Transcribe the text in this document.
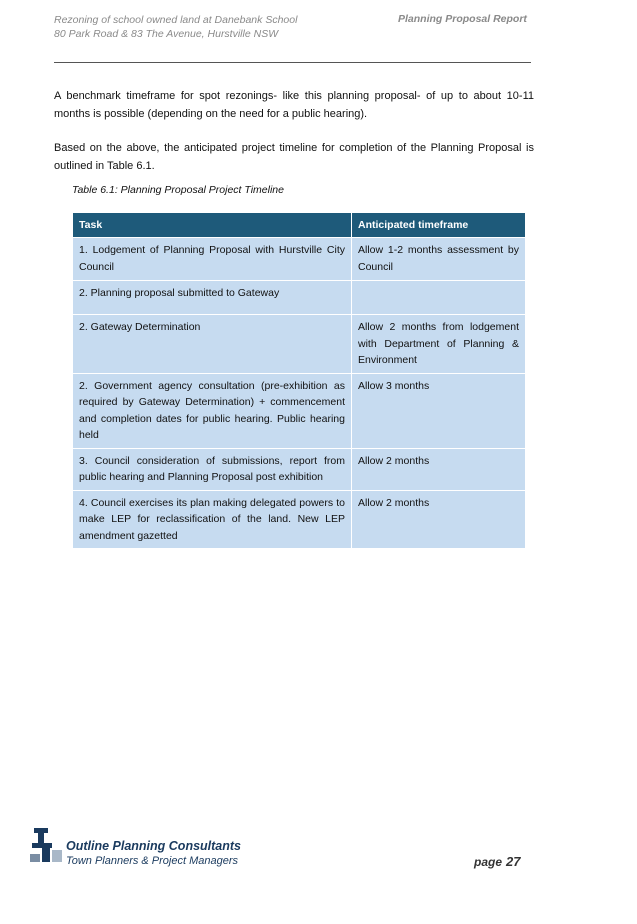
Rezoning of school owned land at Danebank School
80 Park Road & 83 The Avenue, Hurstville NSW
Planning Proposal Report

A benchmark timeframe for spot rezonings- like this planning proposal- of up to about 10-11 months is possible (depending on the need for a public hearing).

Based on the above, the anticipated project timeline for completion of the Planning Proposal is outlined in Table 6.1.

Table 6.1: Planning Proposal Project Timeline
Task	Anticipated timeframe
1. Lodgement of Planning Proposal with Hurstville City Council	Allow 1-2 months assessment by Council
2. Planning proposal submitted to Gateway	
2. Gateway Determination	Allow 2 months from lodgement with Department of Planning & Environment
2. Government agency consultation (pre-exhibition as required by Gateway Determination) + commencement and completion dates for public hearing. Public hearing held	Allow 3 months
3. Council consideration of submissions, report from public hearing and Planning Proposal post exhibition	Allow 2 months
4. Council exercises its plan making delegated powers to make LEP for reclassification of the land. New LEP amendment gazetted	Allow 2 months
Outline Planning Consultants
Town Planners & Project Managers	page 27
